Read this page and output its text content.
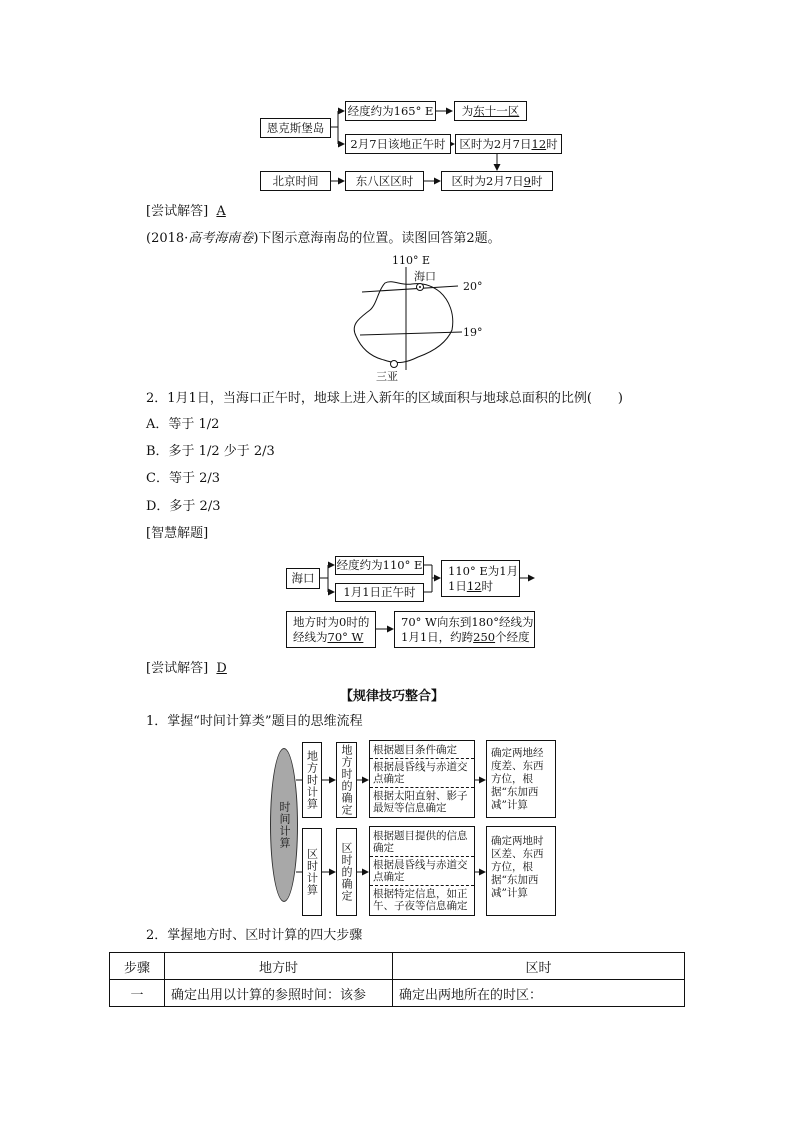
恩克斯堡岛
经度约为165° E 为 东十一区
2月7日该地正午时	区时为2月7日 12 时
北京时间	东八区区时	区时为2月7日 9 时
[尝试解答] A
(2018·高考海南卷)下图示意海南岛的位置。读图回答第2题。
110° E
海口
20°
19°
三亚
2．1月1日，当海口正午时，地球上进入新年的区域面积与地球总面积的比例(　　)
A．等于 1/2
B．多于 1/2 少于 2/3
C．等于 2/3
D．多于 2/3
[智慧解题]
海口
经度约为110° E
1月1日正午时
110° E为1月
1日12时
地方时为0时的
经线为70° W
70° W向东到180°经线为
1月1日，约跨250个经度
[尝试解答] D
【规律技巧整合】
1．掌握“时间计算类”题目的思维流程
时间计算
地方时计算 地方时的确定 根据题目条件确定
根据晨昏线与赤道交点确定
根据太阳直射、影子最短等信息确定
确定两地经度差、东西方位，根据“东加西减”计算
区时计算 区时的确定
根据题目提供的信息确定
根据晨昏线与赤道交点确定
根据特定信息，如正午、子夜等信息确定
确定两地时区差、东西方位，根据“东加西减”计算
2．掌握地方时、区时计算的四大步骤
步骤	地方时	区时
一	确定出用以计算的参照时间：该参	确定出两地所在的时区：
